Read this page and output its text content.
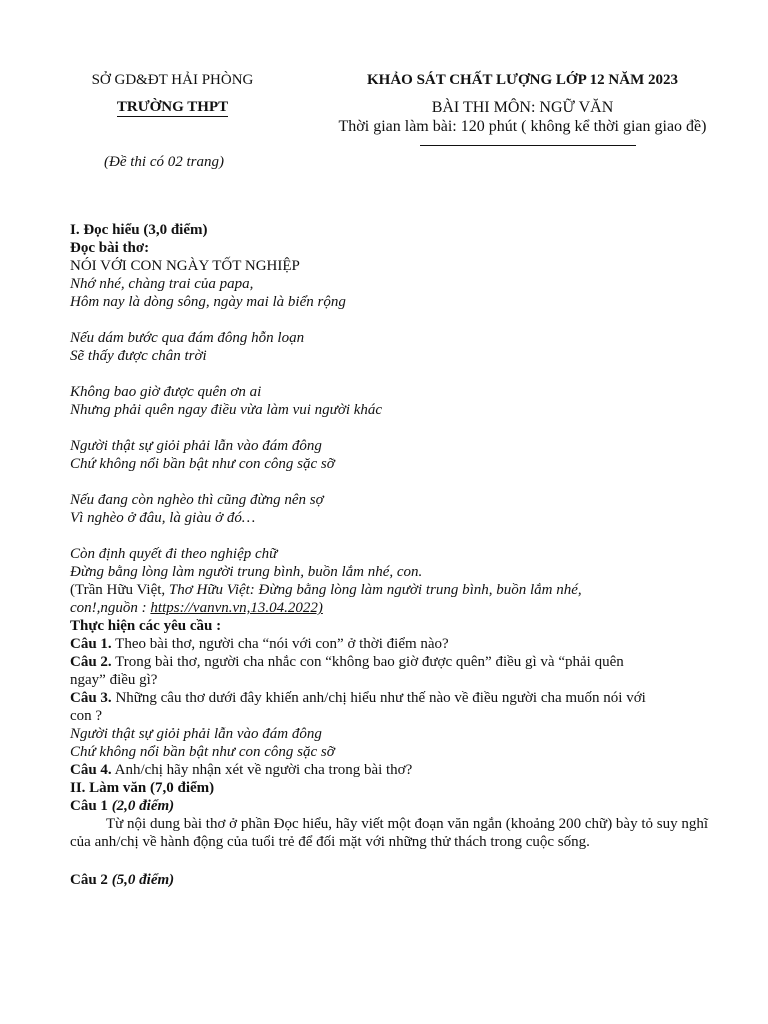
SỞ GD&ĐT HẢI PHÒNG
TRƯỜNG THPT
KHẢO SÁT CHẤT LƯỢNG LỚP 12 NĂM 2023
BÀI THI MÔN: NGỮ VĂN
Thời gian làm bài: 120 phút ( không kể thời gian giao đề)
(Đề thi có 02 trang)
I. Đọc hiểu (3,0 điểm)
Đọc bài thơ:
NÓI VỚI CON NGÀY TỐT NGHIỆP
Nhớ nhé, chàng trai của papa,
Hôm nay là dòng sông, ngày mai là biển rộng
Nếu dám bước qua đám đông hỗn loạn
Sẽ thấy được chân trời
Không bao giờ được quên ơn ai
Nhưng phải quên ngay điều vừa làm vui người khác
Người thật sự giỏi phải lẫn vào đám đông
Chứ không nổi bần bật như con công sặc sỡ
Nếu đang còn nghèo thì cũng đừng nên sợ
Vì nghèo ở đâu, là giàu ở đó…
Còn định quyết đi theo nghiệp chữ
Đừng bằng lòng làm người trung bình, buồn lắm nhé, con.
(Trần Hữu Việt, Thơ Hữu Việt: Đừng bằng lòng làm người trung bình, buồn lắm nhé,
con!,nguồn : https://vanvn.vn,13.04.2022)
Thực hiện các yêu cầu :
Câu 1. Theo bài thơ, người cha “nói với con” ở thời điểm nào?
Câu 2. Trong bài thơ, người cha nhắc con “không bao giờ được quên” điều gì và “phải quên
ngay” điều gì?
Câu 3. Những câu thơ dưới đây khiến anh/chị hiểu như thế nào về điều người cha muốn nói với
con ?
Người thật sự giỏi phải lẫn vào đám đông
Chứ không nổi bần bật như con công sặc sỡ
Câu 4. Anh/chị hãy nhận xét về người cha trong bài thơ?
II. Làm văn (7,0 điểm)
Câu 1 (2,0 điểm)
Từ nội dung bài thơ ở phần Đọc hiểu, hãy viết một đoạn văn ngắn (khoảng 200 chữ) bày tỏ suy nghĩ của anh/chị về hành động của tuổi trẻ để đối mặt với những thử thách trong cuộc sống.
Câu 2 (5,0 điểm)
